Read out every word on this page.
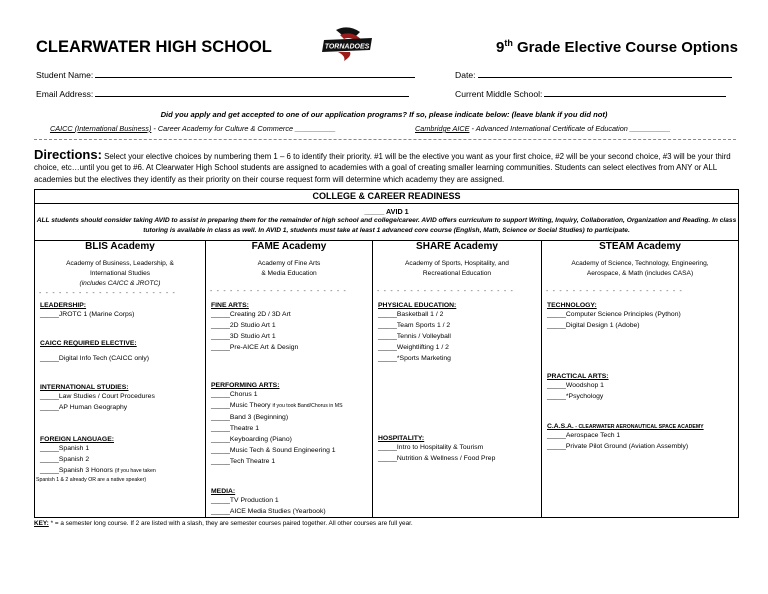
CLEARWATER HIGH SCHOOL	TORNADOES	9th Grade Elective Course Options
Student Name:	Date:
Email Address:	Current Middle School:
Did you apply and get accepted to one of our application programs? If so, please indicate below: (leave blank if you did not)
CAICC (International Business) - Career Academy for Culture & Commerce __________	Cambridge AICE - Advanced International Certificate of Education __________
Directions: Select your elective choices by numbering them 1 – 6 to identify their priority. #1 will be the elective you want as your first choice, #2 will be your second choice, #3 will be your third choice, etc…until you get to #6. At Clearwater High School students are assigned to academies with a goal of creating smaller learning communities. Students can select electives from ANY or ALL academies but the electives they identify as their priority on their course request form will determine which academy they are assigned.
COLLEGE & CAREER READINESS
_____ AVID 1
ALL students should consider taking AVID to assist in preparing them for the remainder of high school and college/career. AVID offers curriculum to support Writing, Inquiry, Collaboration, Organization and Reading. In class tutoring is available in class as well. In AVID 1, students must take at least 1 advanced core course (English, Math, Science or Social Studies) to participate.
BLIS Academy
Academy of Business, Leadership, &
International Studies
(includes CAICC & JROTC)
- - - - - - - - - - - - - - - - - - - - -
LEADERSHIP:
_____JROTC 1 (Marine Corps)
CAICC REQUIRED ELECTIVE:
_____Digital Info Tech (CAICC only)
INTERNATIONAL STUDIES:
_____Law Studies / Court Procedures
_____AP Human Geography
FOREIGN LANGUAGE:
_____Spanish 1
_____Spanish 2
_____Spanish 3 Honors (if you have taken
Spanish 1 & 2 already OR are a native speaker)
FAME Academy
Academy of Fine Arts
& Media Education
- - - - - - - - - - - - - - - - - - - - -
FINE ARTS:
_____Creating 2D / 3D Art
_____2D Studio Art 1
_____3D Studio Art 1
_____Pre-AICE Art & Design
PERFORMING ARTS:
_____Chorus 1
_____Music Theory if you took Band/Chorus in MS
_____Band 3 (Beginning)
_____Theatre 1
_____Keyboarding (Piano)
_____Music Tech & Sound Engineering 1
_____Tech Theatre 1
MEDIA:
_____TV Production 1
_____AICE Media Studies (Yearbook)
SHARE Academy
Academy of Sports, Hospitality, and
Recreational Education
- - - - - - - - - - - - - - - - - - - - -
PHYSICAL EDUCATION:
_____Basketball 1 / 2
_____Team Sports 1 / 2
_____Tennis / Volleyball
_____Weightlifting 1 / 2
_____*Sports Marketing
HOSPITALITY:
_____Intro to Hospitality & Tourism
_____Nutrition & Wellness / Food Prep
STEAM Academy
Academy of Science, Technology, Engineering,
Aerospace, & Math (includes CASA)
- - - - - - - - - - - - - - - - - - - - -
TECHNOLOGY:
_____Computer Science Principles (Python)
_____Digital Design 1 (Adobe)
PRACTICAL ARTS:
_____Woodshop 1
_____*Psychology
C.A.S.A. - CLEARWATER AERONAUTICAL SPACE ACADEMY
_____Aerospace Tech 1
_____Private Pilot Ground (Aviation Assembly)
KEY: * = a semester long course. If 2 are listed with a slash, they are semester courses paired together. All other courses are full year.
